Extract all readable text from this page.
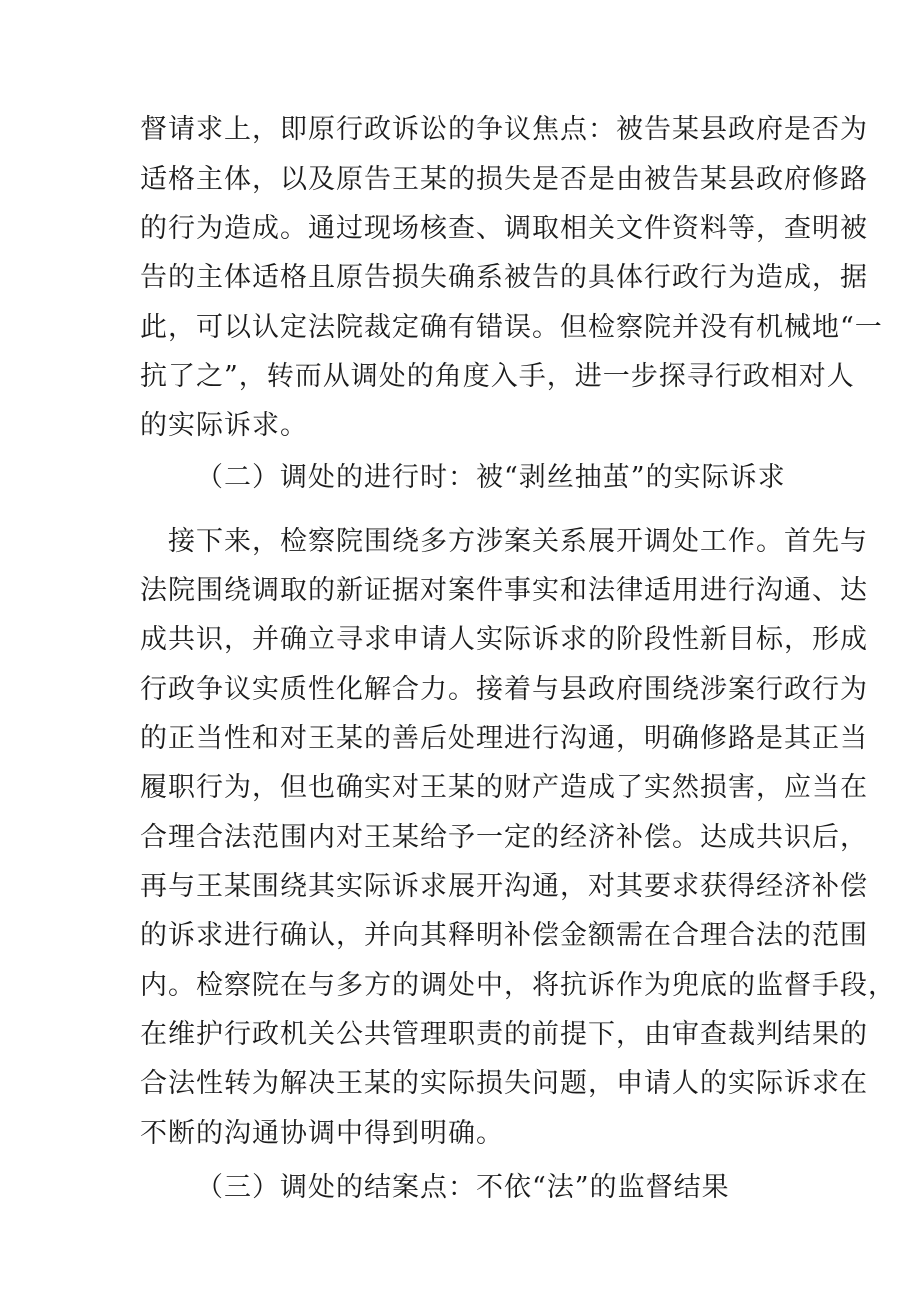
督请求上，即原行政诉讼的争议焦点：被告某县政府是否为
适格主体，以及原告王某的损失是否是由被告某县政府修路
的行为造成。通过现场核查、调取相关文件资料等，查明被
告的主体适格且原告损失确系被告的具体行政行为造成，据
此，可以认定法院裁定确有错误。但检察院并没有机械地“一
抗了之”，转而从调处的角度入手，进一步探寻行政相对人
的实际诉求。
（二）调处的进行时：被“剥丝抽茧”的实际诉求
接下来，检察院围绕多方涉案关系展开调处工作。首先与
法院围绕调取的新证据对案件事实和法律适用进行沟通、达
成共识，并确立寻求申请人实际诉求的阶段性新目标，形成
行政争议实质性化解合力。接着与县政府围绕涉案行政行为
的正当性和对王某的善后处理进行沟通，明确修路是其正当
履职行为，但也确实对王某的财产造成了实然损害，应当在
合理合法范围内对王某给予一定的经济补偿。达成共识后，
再与王某围绕其实际诉求展开沟通，对其要求获得经济补偿
的诉求进行确认，并向其释明补偿金额需在合理合法的范围
内。检察院在与多方的调处中，将抗诉作为兜底的监督手段，
在维护行政机关公共管理职责的前提下，由审查裁判结果的
合法性转为解决王某的实际损失问题，申请人的实际诉求在
不断的沟通协调中得到明确。
（三）调处的结案点：不依“法”的监督结果
